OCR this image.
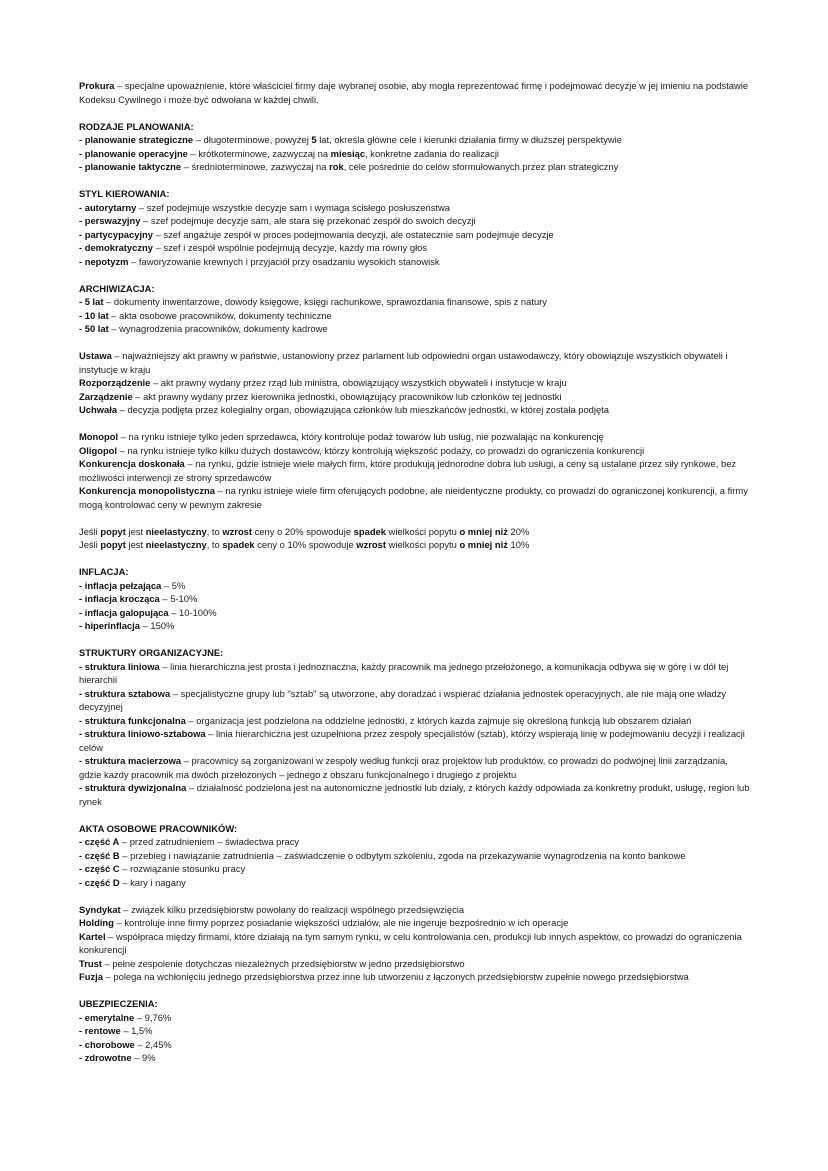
Prokura – specjalne upoważnienie, które właściciel firmy daje wybranej osobie, aby mogła reprezentować firmę i podejmować decyzje w jej imieniu na podstawie Kodeksu Cywilnego i może być odwołana w każdej chwili.

RODZAJE PLANOWANIA:

- planowanie strategiczne – długoterminowe, powyżej 5 lat, określa główne cele i kierunki działania firmy w dłuższej perspektywie

- planowanie operacyjne – krótkoterminowe, zazwyczaj na miesiąc, konkretne zadania do realizacji

- planowanie taktyczne – średnioterminowe, zazwyczaj na rok, cele pośrednie do celów sformułowanych przez plan strategiczny

STYL KIEROWANIA:

- autorytarny – szef podejmuje wszystkie decyzje sam i wymaga ścisłego posłuszeństwa

- perswazyjny – szef podejmuje decyzje sam, ale stara się przekonać zespół do swoich decyzji

- partycypacyjny – szef angażuje zespół w proces podejmowania decyzji, ale ostatecznie sam podejmuje decyzje

- demokratyczny – szef i zespół wspólnie podejmują decyzje, każdy ma równy głos

- nepotyzm – faworyzowanie krewnych i przyjaciół przy osadzaniu wysokich stanowisk

ARCHIWIZACJA:

- 5 lat – dokumenty inwentarzowe, dowody księgowe, księgi rachunkowe, sprawozdania finansowe, spis z natury

- 10 lat – akta osobowe pracowników, dokumenty techniczne

- 50 lat – wynagrodzenia pracowników, dokumenty kadrowe

Ustawa – najważniejszy akt prawny w państwie, ustanowiony przez parlament lub odpowiedni organ ustawodawczy, który obowiązuje wszystkich obywateli i instytucje w kraju

Rozporządzenie – akt prawny wydany przez rząd lub ministra, obowiązujący wszystkich obywateli i instytucje w kraju

Zarządzenie – akt prawny wydany przez kierownika jednostki, obowiązujący pracowników lub członków tej jednostki

Uchwała – decyzja podjęta przez kolegialny organ, obowiązująca członków lub mieszkańców jednostki, w której została podjęta

Monopol – na rynku istnieje tylko jeden sprzedawca, który kontroluje podaż towarów lub usług, nie pozwalając na konkurencję

Oligopol – na rynku istnieje tylko kilku dużych dostawców, którzy kontrolują większość podaży, co prowadzi do ograniczenia konkurencji

Konkurencja doskonała – na rynku, gdzie istnieje wiele małych firm, które produkują jednorodne dobra lub usługi, a ceny są ustalane przez siły rynkowe, bez możliwości interwencji ze strony sprzedawców

Konkurencja monopolistyczna – na rynku istnieje wiele firm oferujących podobne, ale nieidentyczne produkty, co prowadzi do ograniczonej konkurencji, a firmy mogą kontrolować ceny w pewnym zakresie

Jeśli popyt jest nieelastyczny, to wzrost ceny o 20% spowoduje spadek wielkości popytu o mniej niż 20%

Jeśli popyt jest nieelastyczny, to spadek ceny o 10% spowoduje wzrost wielkości popytu o mniej niż 10%

INFLACJA:

- inflacja pełzająca – 5%

- inflacja krocząca – 5-10%

- inflacja galopująca – 10-100%

- hiperinflacja – 150%

STRUKTURY ORGANIZACYJNE:

- struktura liniowa – linia hierarchiczna jest prosta i jednoznaczna, każdy pracownik ma jednego przełożonego, a komunikacja odbywa się w górę i w dół tej hierarchii

- struktura sztabowa – specjalistyczne grupy lub "sztab" są utworzone, aby doradzać i wspierać działania jednostek operacyjnych, ale nie mają one władzy decyzyjnej

- struktura funkcjonalna – organizacja jest podzielona na oddzielne jednostki, z których każda zajmuje się określoną funkcją lub obszarem działań

- struktura liniowo-sztabowa – linia hierarchiczna jest uzupełniona przez zespoły specjalistów (sztab), którzy wspierają linię w podejmowaniu decyzji i realizacji celów

- struktura macierzowa – pracownicy są zorganizowani w zespoły według funkcji oraz projektów lub produktów, co prowadzi do podwójnej linii zarządzania, gdzie każdy pracownik ma dwóch przełożonych – jednego z obszaru funkcjonalnego i drugiego z projektu

- struktura dywizjonalna – działalność podzielona jest na autonomiczne jednostki lub działy, z których każdy odpowiada za konkretny produkt, usługę, region lub rynek

AKTA OSOBOWE PRACOWNIKÓW:

- część A – przed zatrudnieniem – świadectwa pracy

- część B – przebieg i nawiązanie zatrudnienia – zaświadczenie o odbytym szkoleniu, zgoda na przekazywanie wynagrodzenia na konto bankowe

- część C – rozwiązanie stosunku pracy

- część D – kary i nagany

Syndykat – związek kilku przedsiębiorstw powołany do realizacji wspólnego przedsięwzięcia

Holding – kontroluje inne firmy poprzez posiadanie większości udziałów, ale nie ingeruje bezpośrednio w ich operacje

Kartel – współpraca między firmami, które działają na tym samym rynku, w celu kontrolowania cen, produkcji lub innych aspektów, co prowadzi do ograniczenia konkurencji

Trust – pełne zespolenie dotychczas niezależnych przedsiębiorstw w jedno przedsiębiorstwo

Fuzja – polega na wchłonięciu jednego przedsiębiorstwa przez inne lub utworzeniu z łączonych przedsiębiorstw zupełnie nowego przedsiębiorstwa

UBEZPIECZENIA:

- emerytalne – 9,76%

- rentowe – 1,5%

- chorobowe – 2,45%

- zdrowotne – 9%
